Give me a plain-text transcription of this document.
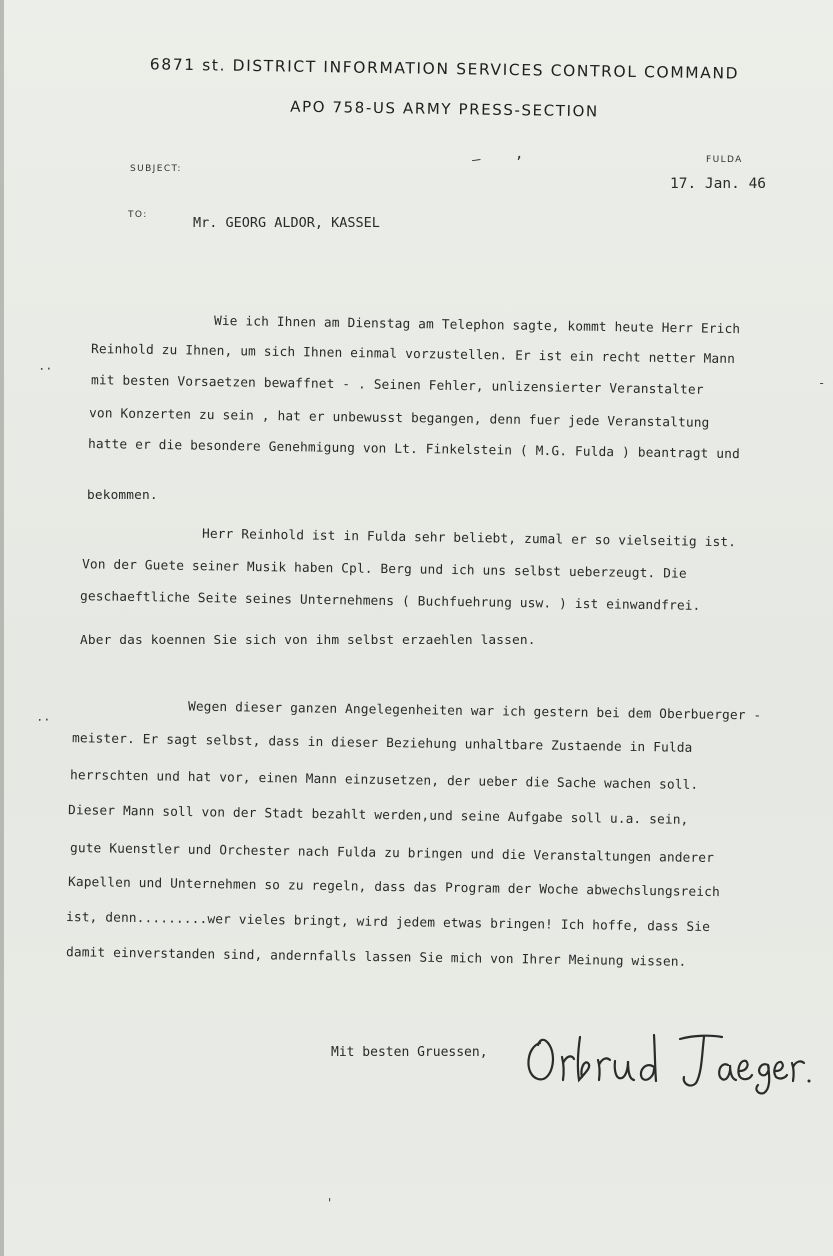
6871 st. DISTRICT INFORMATION SERVICES CONTROL COMMAND
APO 758-US ARMY PRESS-SECTION
SUBJECT:
FULDA
17. Jan. 46
TO:	Mr. GEORG ALDOR, KASSEL
— ,
Wie ich Ihnen am Dienstag am Telephon sagte, kommt heute Herr Erich
Reinhold zu Ihnen, um sich Ihnen einmal vorzustellen. Er ist ein recht netter Mann
mit besten Vorsaetzen bewaffnet - . Seinen Fehler, unlizensierter Veranstalter
von Konzerten zu sein , hat er unbewusst begangen, denn fuer jede Veranstaltung
hatte er die besondere Genehmigung von Lt. Finkelstein ( M.G. Fulda ) beantragt und
bekommen.
Herr Reinhold ist in Fulda sehr beliebt, zumal er so vielseitig ist.
Von der Guete seiner Musik haben Cpl. Berg und ich uns selbst ueberzeugt. Die
geschaeftliche Seite seines Unternehmens ( Buchfuehrung usw. ) ist einwandfrei.
Aber das koennen Sie sich von ihm selbst erzaehlen lassen.
Wegen dieser ganzen Angelegenheiten war ich gestern bei dem Oberbuerger -
meister. Er sagt selbst, dass in dieser Beziehung unhaltbare Zustaende in Fulda
herrschten und hat vor, einen Mann einzusetzen, der ueber die Sache wachen soll.
Dieser Mann soll von der Stadt bezahlt werden,und seine Aufgabe soll u.a. sein,
gute Kuenstler und Orchester nach Fulda zu bringen und die Veranstaltungen anderer
Kapellen und Unternehmen so zu regeln, dass das Program der Woche abwechslungsreich
ist, denn.........wer vieles bringt, wird jedem etwas bringen! Ich hoffe, dass Sie
damit einverstanden sind, andernfalls lassen Sie mich von Ihrer Meinung wissen.
Mit besten Gruessen,
⋅·
⋅·
-
'
